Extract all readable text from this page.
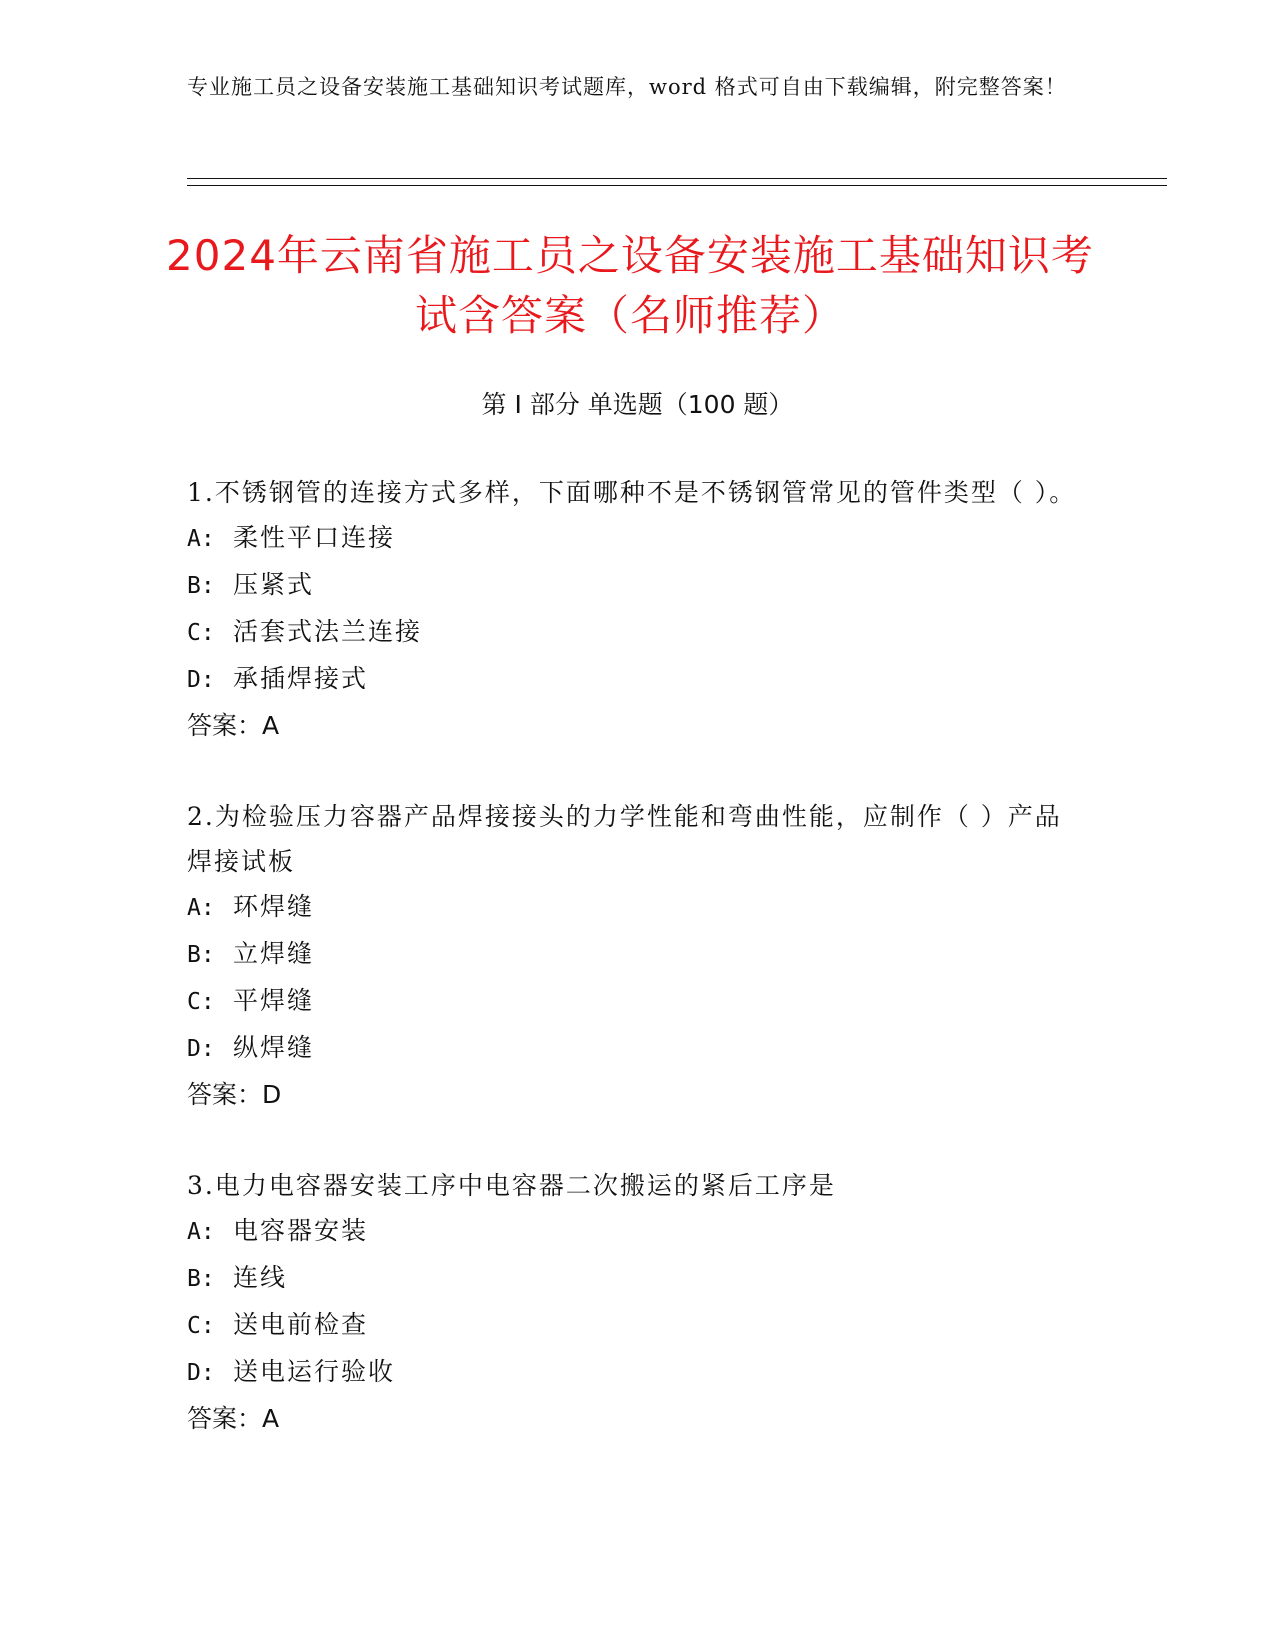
专业施工员之设备安装施工基础知识考试题库，word 格式可自由下载编辑，附完整答案！
2024年云南省施工员之设备安装施工基础知识考试含答案（名师推荐）
第 I 部分 单选题（100 题）
1.不锈钢管的连接方式多样，下面哪种不是不锈钢管常见的管件类型（ ）。
A: 柔性平口连接
B: 压紧式
C: 活套式法兰连接
D: 承插焊接式
答案：A
2.为检验压力容器产品焊接接头的力学性能和弯曲性能，应制作（ ）产品焊接试板
A: 环焊缝
B: 立焊缝
C: 平焊缝
D: 纵焊缝
答案：D
3.电力电容器安装工序中电容器二次搬运的紧后工序是
A: 电容器安装
B: 连线
C: 送电前检查
D: 送电运行验收
答案：A
